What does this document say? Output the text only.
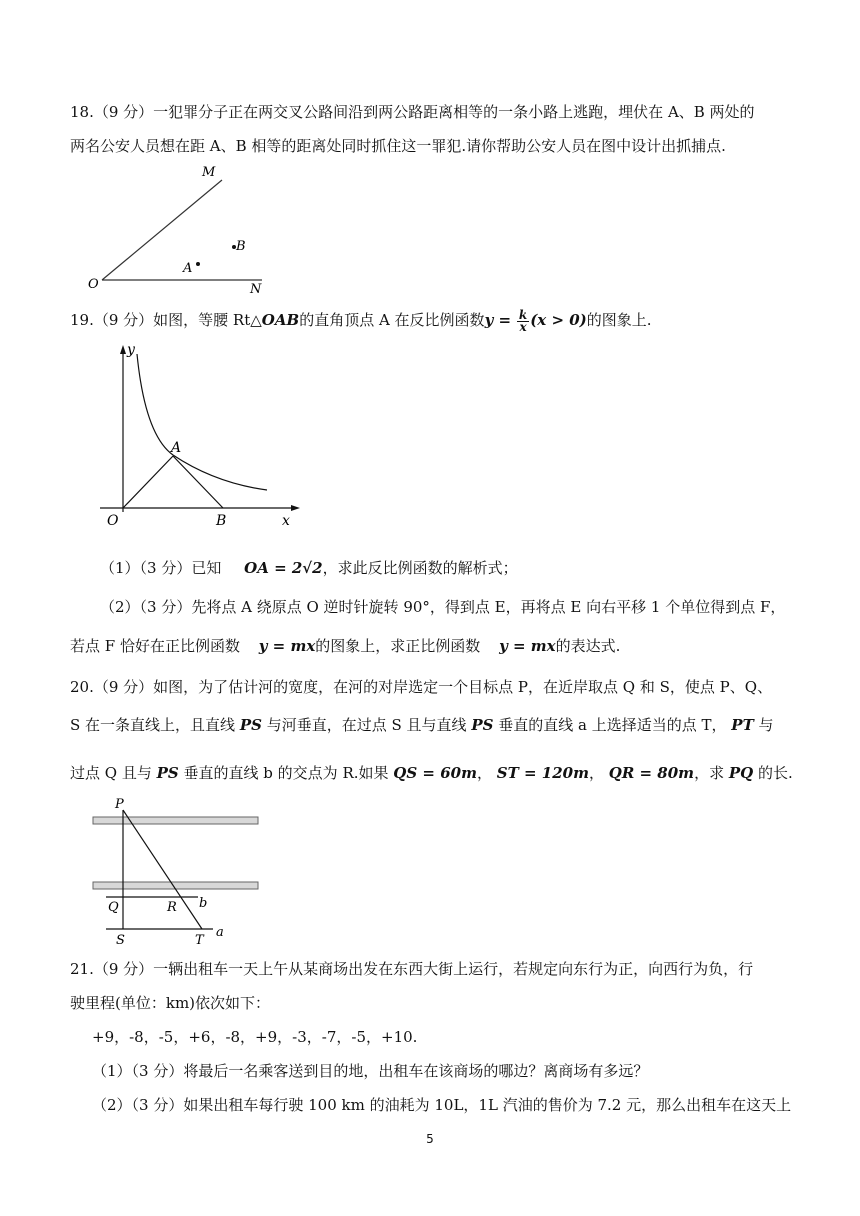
18.（9 分）一犯罪分子正在两交叉公路间沿到两公路距离相等的一条小路上逃跑，埋伏在 A、B 两处的
两名公安人员想在距 A、B 相等的距离处同时抓住这一罪犯.请你帮助公安人员在图中设计出抓捕点.
M
B
A
O	N
19.（9 分）如图，等腰 Rt△OAB的直角顶点 A 在反比例函数$y = \frac{k}{x} (x > 0)$的图象上.
y
A
O	B	x
（1）（3 分）已知 OA = 2√2，求此反比例函数的解析式；
（2）（3 分）先将点 A 绕原点 O 逆时针旋转 90°，得到点 E，再将点 E 向右平移 1 个单位得到点 F，
若点 F 恰好在正比例函数 y = mx的图象上，求正比例函数 y = mx的表达式.
20.（9 分）如图，为了估计河的宽度，在河的对岸选定一个目标点 P，在近岸取点 Q 和 S，使点 P、Q、
S 在一条直线上，且直线 PS 与河垂直，在过点 S 且与直线 PS 垂直的直线 a 上选择适当的点 T， PT 与
过点 Q 且与 PS 垂直的直线 b 的交点为 R.如果 QS = 60m， ST = 120m， QR = 80m，求 PQ 的长.
P
Q	R b
S	T
a
21.（9 分）一辆出租车一天上午从某商场出发在东西大街上运行，若规定向东行为正，向西行为负，行
驶里程(单位：km)依次如下：
+9，-8，-5，+6，-8，+9，-3，-7，-5，+10.
（1）（3 分）将最后一名乘客送到目的地，出租车在该商场的哪边？离商场有多远？
（2）（3 分）如果出租车每行驶 100 km 的油耗为 10L，1L 汽油的售价为 7.2 元，那么出租车在这天上
5
